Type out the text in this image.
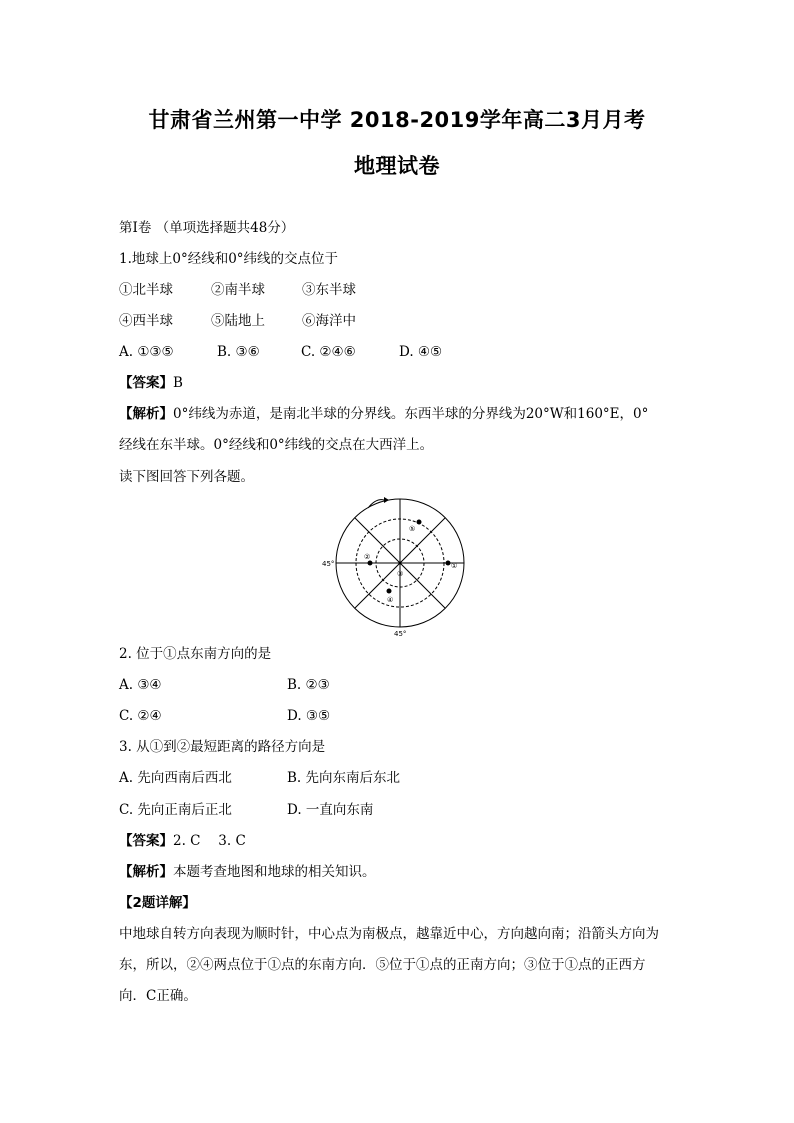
甘肃省兰州第一中学 2018-2019学年高二3月月考
地理试卷
第Ⅰ卷 （单项选择题共48分）
1.地球上0°经线和0°纬线的交点位于
①北半球	②南半球	③东半球
④西半球	⑤陆地上	⑥海洋中
A. ①③⑤	B. ③⑥	C. ②④⑥	D. ④⑤
【答案】B
【解析】0°纬线为赤道，是南北半球的分界线。东西半球的分界线为20°W和160°E，0°
经线在东半球。0°经线和0°纬线的交点在大西洋上。
读下图回答下列各题。
45°
45°
①
②
③
④
⑤
2. 位于①点东南方向的是
A. ③④	B. ②③
C. ②④	D. ③⑤
3. 从①到②最短距离的路径方向是
A. 先向西南后西北	B. 先向东南后东北
C. 先向正南后正北	D. 一直向东南
【答案】2. C　 3. C
【解析】本题考查地图和地球的相关知识。
【2题详解】
中地球自转方向表现为顺时针，中心点为南极点，越靠近中心，方向越向南；沿箭头方向为
东，所以，②④两点位于①点的东南方向．⑤位于①点的正南方向；③位于①点的正西方
向．C正确。
